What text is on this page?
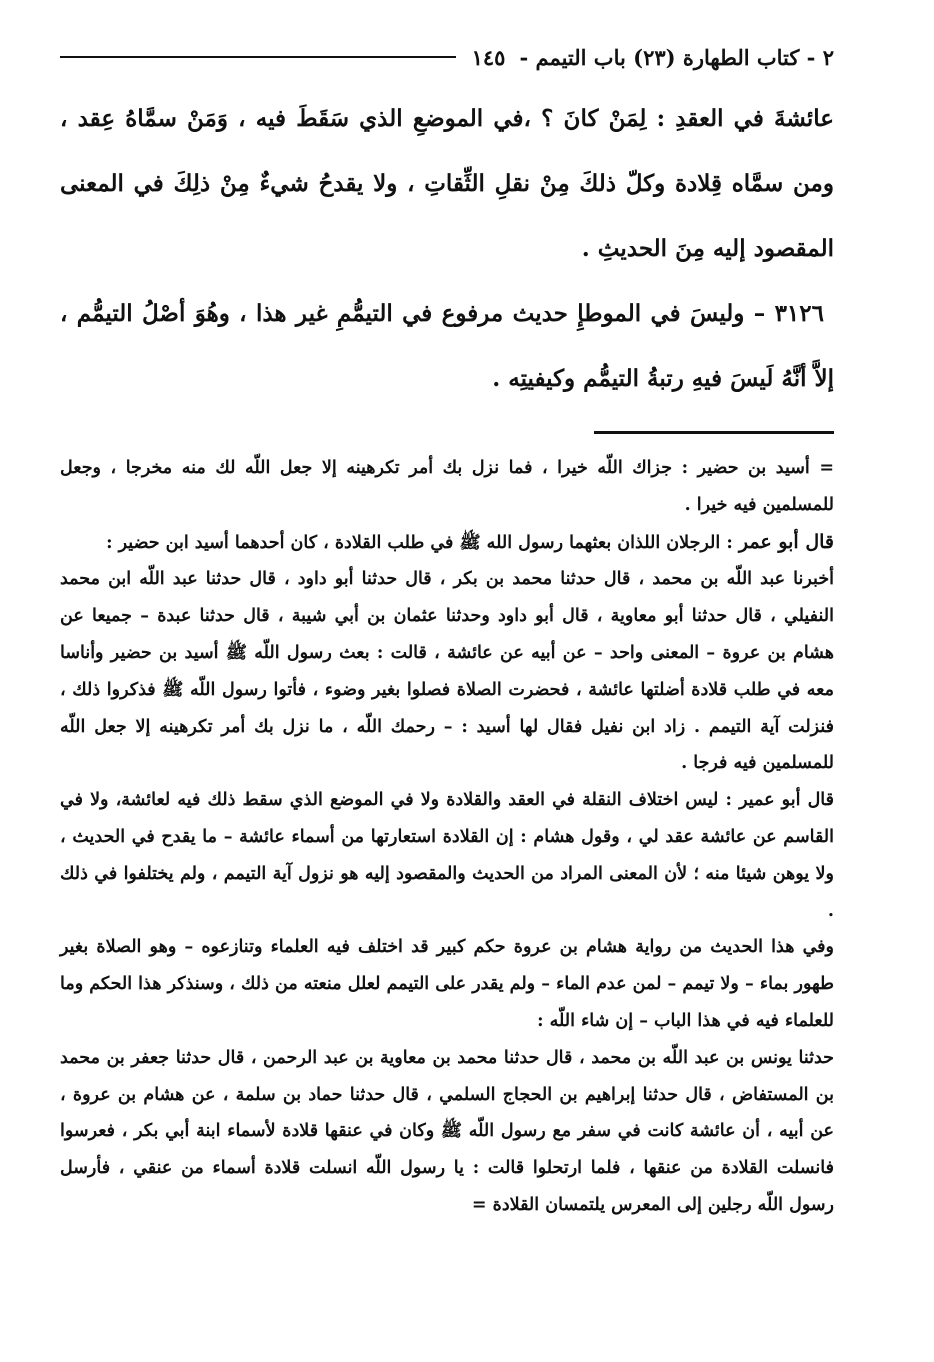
٢ - كتاب الطهارة (٢٣) باب التيمم -
١٤٥

عائشةَ في العقدِ : لِمَنْ كانَ ؟ ،في الموضعِ الذي سَقَطَ فيه ، وَمَنْ سمَّاهُ عِقد ، ومن سمَّاه قِلادة وكلّ ذلكَ مِنْ نقلِ الثِّقاتِ ، ولا يقدحُ شيءٌ مِنْ ذلِكَ في المعنى المقصود إليه مِنَ الحديثِ .

٣١٢٦ – وليسَ في الموطإِ حديث مرفوع في التيمُّمِ غير هذا ، وهُوَ أصْلُ التيمُّم ، إلاَّ أنَّهُ لَيسَ فيهِ رتبةُ التيمُّم وكيفيتِه .

= أسيد بن حضير : جزاك اللّه خيرا ، فما نزل بك أمر تكرهينه إلا جعل اللّه لك منه مخرجا ، وجعل للمسلمين فيه خيرا .

قال أبو عمر : الرجلان اللذان بعثهما رسول الله ﷺ في طلب القلادة ، كان أحدهما أسيد ابن حضير :

أخبرنا عبد اللّه بن محمد ، قال حدثنا محمد بن بكر ، قال حدثنا أبو داود ، قال حدثنا عبد اللّه ابن محمد النفيلي ، قال حدثنا أبو معاوية ، قال أبو داود وحدثنا عثمان بن أبي شيبة ، قال حدثنا عبدة – جميعا عن هشام بن عروة – المعنى واحد – عن أبيه عن عائشة ، قالت : بعث رسول اللّه ﷺ أسيد بن حضير وأناسا معه في طلب قلادة أضلتها عائشة ، فحضرت الصلاة فصلوا بغير وضوء ، فأتوا رسول اللّه ﷺ فذكروا ذلك ، فنزلت آية التيمم . زاد ابن نفيل فقال لها أسيد : – رحمك اللّه ، ما نزل بك أمر تكرهينه إلا جعل اللّه للمسلمين فيه فرجا .

قال أبو عمير : ليس اختلاف النقلة في العقد والقلادة ولا في الموضع الذي سقط ذلك فيه لعائشة، ولا في القاسم عن عائشة عقد لي ، وقول هشام : إن القلادة استعارتها من أسماء عائشة – ما يقدح في الحديث ، ولا يوهن شيئا منه ؛ لأن المعنى المراد من الحديث والمقصود إليه هو نزول آية التيمم ، ولم يختلفوا في ذلك .

وفي هذا الحديث من رواية هشام بن عروة حكم كبير قد اختلف فيه العلماء وتنازعوه – وهو الصلاة بغير طهور بماء – ولا تيمم – لمن عدم الماء – ولم يقدر على التيمم لعلل منعته من ذلك ، وسنذكر هذا الحكم وما للعلماء فيه في هذا الباب – إن شاء اللّه :

حدثنا يونس بن عبد اللّه بن محمد ، قال حدثنا محمد بن معاوية بن عبد الرحمن ، قال حدثنا جعفر بن محمد بن المستفاض ، قال حدثنا إبراهيم بن الحجاج السلمي ، قال حدثنا حماد بن سلمة ، عن هشام بن عروة ، عن أبيه ، أن عائشة كانت في سفر مع رسول اللّه ﷺ وكان في عنقها قلادة لأسماء ابنة أبي بكر ، فعرسوا فانسلت القلادة من عنقها ، فلما ارتحلوا قالت : يا رسول اللّه انسلت قلادة أسماء من عنقي ، فأرسل رسول اللّه رجلين إلى المعرس يلتمسان القلادة =
